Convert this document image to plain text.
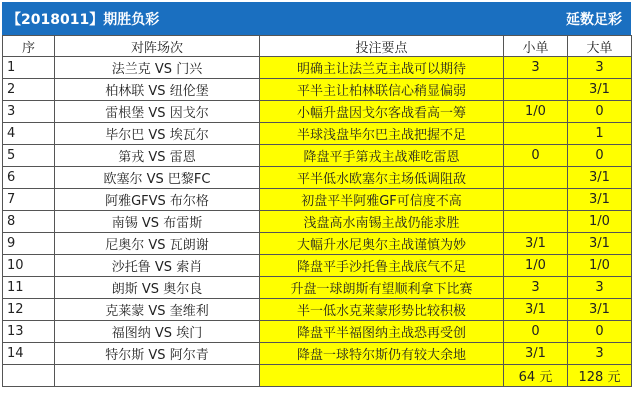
【2018011】期胜负彩	延数足彩
序	对阵场次	投注要点	小单	大单
1	法兰克 VS 门兴	明确主让法兰克主战可以期待	3	3
2	柏林联 VS 纽伦堡	平半主让柏林联信心稍显偏弱		3/1
3	雷根堡 VS 因戈尔	小幅升盘因戈尔客战看高一筹	1/0	0
4	毕尔巴 VS 埃瓦尔	半球浅盘毕尔巴主战把握不足		1
5	第戎 VS 雷恩	降盘平手第戎主战难吃雷恩	0	0
6	欧塞尔 VS 巴黎FC	平半低水欧塞尔主场低调阻敌		3/1
7	阿雅GFVS 布尔格	初盘平半阿雅GF可信度不高		3/1
8	南锡 VS 布雷斯	浅盘高水南锡主战仍能求胜		1/0
9	尼奥尔 VS 瓦朗谢	大幅升水尼奥尔主战谨慎为妙	3/1	3/1
10	沙托鲁 VS 索肖	降盘平手沙托鲁主战底气不足	1/0	1/0
11	朗斯 VS 奥尔良	升盘一球朗斯有望顺利拿下比赛	3	3
12	克莱蒙 VS 奎维利	半一低水克莱蒙形势比较积极	3/1	3/1
13	福图纳 VS 埃门	降盘平半福图纳主战恐再受创	0	0
14	特尔斯 VS 阿尔青	降盘一球特尔斯仍有较大余地	3/1	3
			64 元	128 元
